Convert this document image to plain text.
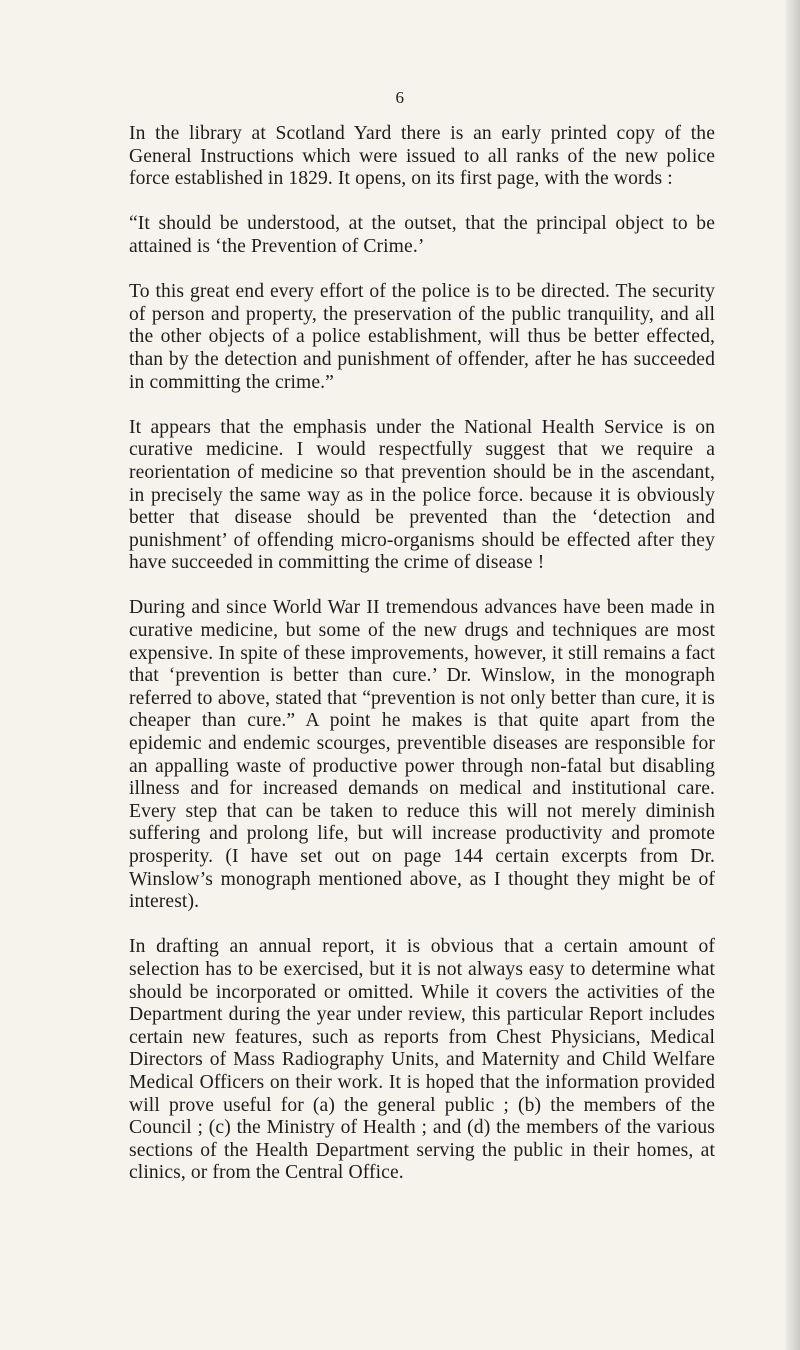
6

In the library at Scotland Yard there is an early printed copy of the General Instructions which were issued to all ranks of the new police force established in 1829. It opens, on its first page, with the words :

“It should be understood, at the outset, that the principal object to be attained is ‘the Prevention of Crime.’

To this great end every effort of the police is to be directed. The security of person and property, the preservation of the public tranquility, and all the other objects of a police establishment, will thus be better effected, than by the detection and punishment of offender, after he has succeeded in committing the crime.”

It appears that the emphasis under the National Health Service is on curative medicine. I would respectfully suggest that we require a reorientation of medicine so that prevention should be in the ascendant, in precisely the same way as in the police force. because it is obviously better that disease should be prevented than the ‘detection and punishment’ of offending micro-organisms should be effected after they have succeeded in committing the crime of disease !

During and since World War II tremendous advances have been made in curative medicine, but some of the new drugs and techniques are most expensive. In spite of these improvements, however, it still remains a fact that ‘prevention is better than cure.’ Dr. Winslow, in the monograph referred to above, stated that “prevention is not only better than cure, it is cheaper than cure.” A point he makes is that quite apart from the epidemic and endemic scourges, preventible diseases are responsible for an appalling waste of productive power through non-fatal but disabling illness and for increased demands on medical and institutional care. Every step that can be taken to reduce this will not merely diminish suffering and prolong life, but will increase productivity and promote prosperity. (I have set out on page 144 certain excerpts from Dr. Winslow’s monograph mentioned above, as I thought they might be of interest).

In drafting an annual report, it is obvious that a certain amount of selection has to be exercised, but it is not always easy to determine what should be incorporated or omitted. While it covers the activities of the Department during the year under review, this particular Report includes certain new features, such as reports from Chest Physicians, Medical Directors of Mass Radiography Units, and Maternity and Child Welfare Medical Officers on their work. It is hoped that the information provided will prove useful for (a) the general public ; (b) the members of the Council ; (c) the Ministry of Health ; and (d) the members of the various sections of the Health Department serving the public in their homes, at clinics, or from the Central Office.
